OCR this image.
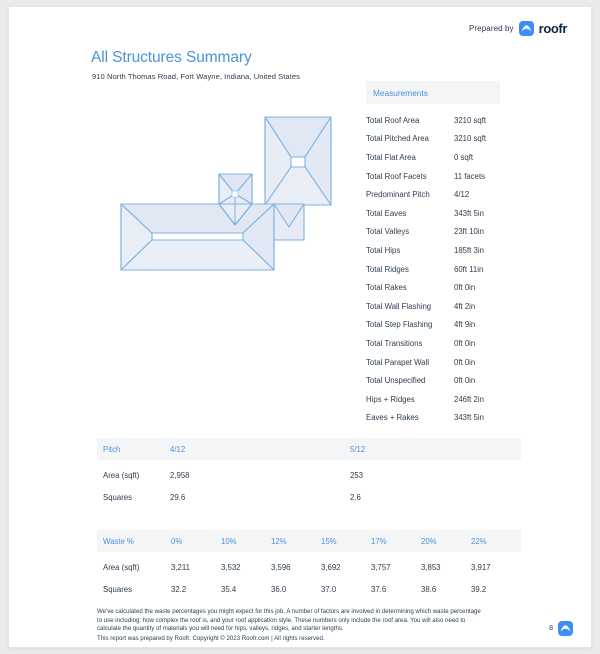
Prepared by roofr
All Structures Summary
910 North Thomas Road, Fort Wayne, Indiana, United States
Measurements
Total Roof Area	3210 sqft
Total Pitched Area	3210 sqft
Total Flat Area	0 sqft
Total Roof Facets	11 facets
Predominant Pitch	4/12
Total Eaves	343ft 5in
Total Valleys	23ft 10in
Total Hips	185ft 3in
Total Ridges	60ft 11in
Total Rakes	0ft 0in
Total Wall Flashing	4ft 2in
Total Step Flashing	4ft 9in
Total Transitions	0ft 0in
Total Parapet Wall	0ft 0in
Total Unspecified	0ft 0in
Hips + Ridges	246ft 2in
Eaves + Rakes	343ft 5in
Pitch	4/12	5/12
Area (sqft)	2,958	253
Squares	29.6	2.6
Waste %	0%	10%	12%	15%	17%	20%	22%
Area (sqft)	3,211	3,532	3,596	3,692	3,757	3,853	3,917
Squares	32.2	35.4	36.0	37.0	37.6	38.6	39.2

We've calculated the waste percentages you might expect for this job. A number of factors are involved in determining which waste percentage to use including: how complex the roof is, and your roof application style. These numbers only include the roof area. You will also need to calculate the quantity of materials you will need for hips, valleys, ridges, and starter lengths.

This report was prepared by Roofr. Copyright © 2023 Roofr.com | All rights reserved.

8
